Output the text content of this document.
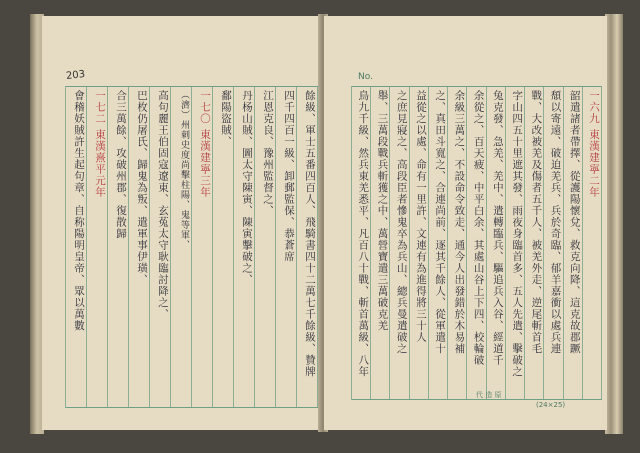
203
餘級、軍士五番四百人、飛騎書四十二萬七千餘級、贊牌
四千四百一級、卸郵監保、恭蒼席
江恩克良、豫州監督之、
丹杨山賊、圖太守陳寅、陳寅擊破之、
鄱陽盜賊、
一七〇 東漢建寧三年
（濟）州刺史度尚擊柱陽、鬼等軍、
高句麗王伯固寇遼東、玄菟太守耿臨討降之、
巴枚仍屠氏、歸鬼為叛、遣軍事伊璜、
合三萬餘、攻破州郡、復散歸
一七二 東漢熹平元年
會稽妖賊許生起句章、自称陽明皇帝、眾以萬數
No.
一六九 東漢建寧二年
韶遣諸者帶擇、從護陽懷兌、救克向降、這克故郡蹶
頹以寄遠、破迫羌兵、兵於奇臨、郁羊嘉衝以處兵連
戰、大改被羌及傷者五千人、被羌外走、逆尾斬首毛
字山四五十里遮其發、雨夜身臨首多、五人先遣、擊破之
兔克發、急羌、羌中、遣轉臨兵、驅追兵入谷、經道千
余從之、百天疲、中平白余、其處山谷上下四、校輪破
余級三萬之、不設命令致走、通今人出發錯於木易補
之、真田斗寬之、合連尚前、逐其千餘人、從軍遣十
益從之以處、命有一里許、文連有為進得將三十人
之庶見寢之、高段臣者慘鬼卒為兵山、總兵曼遣破之
舉、三萬段戰兵斬獲之中、萬營寶遣三萬破克羌
鳥九千級、然兵東羌悉平、凡百八十戰、斬首萬級、八年
(24×25)
代 造 原
